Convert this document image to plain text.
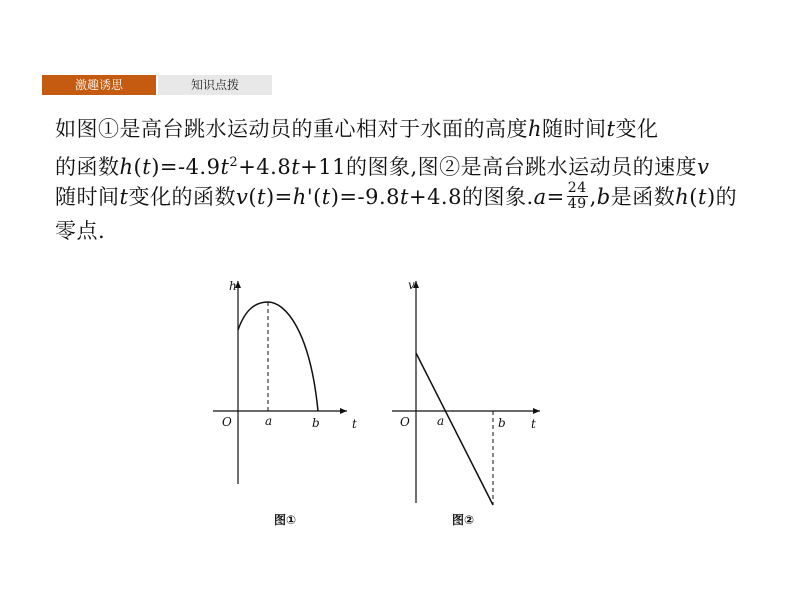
激趣诱思	知识点拨
如图①是高台跳水运动员的重心相对于水面的高度h随时间t变化
的函数$h(t)=-4.9t^2+4.8t+11$的图象,图②是高台跳水运动员的速度v
随时间t变化的函数v(t)=h'(t)=-9.8t+4.8的图象$.a= \frac{24}{49} ,b$是函数h(t)的
零点.
h
O	a	b	t
图①
v
O a	b t
图②
